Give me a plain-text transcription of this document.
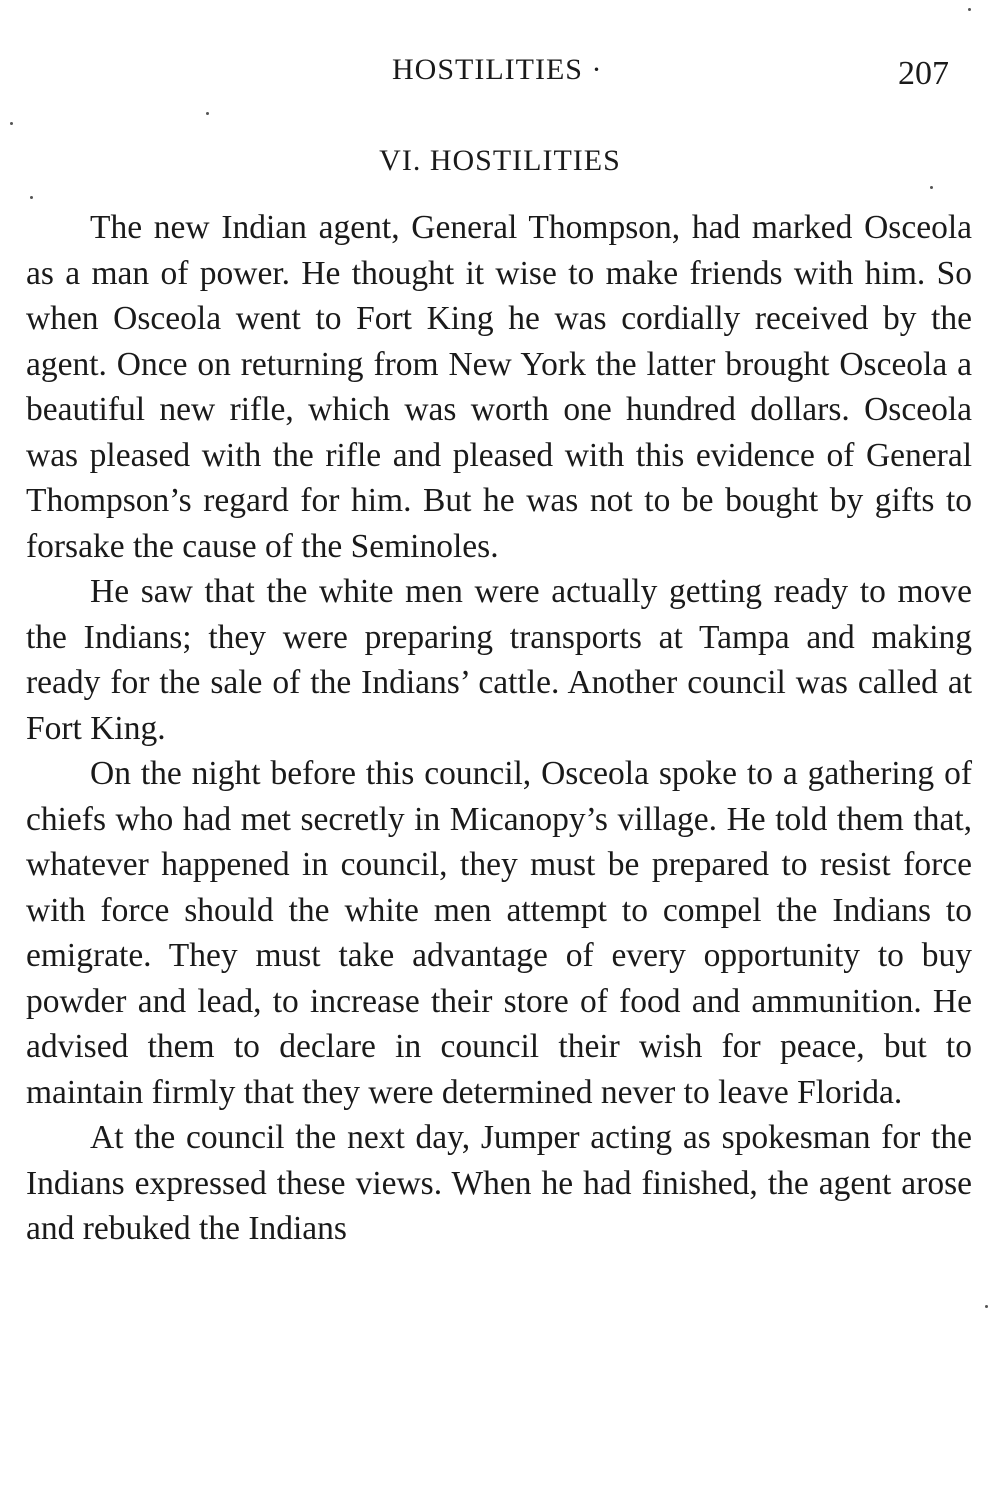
HOSTILITIES ·	207
VI. HOSTILITIES

The new Indian agent, General Thompson, had marked Osceola as a man of power. He thought it wise to make friends with him. So when Osceola went to Fort King he was cordially received by the agent. Once on returning from New York the latter brought Osceola a beautiful new rifle, which was worth one hundred dollars. Osceola was pleased with the rifle and pleased with this evidence of General Thompson’s regard for him. But he was not to be bought by gifts to forsake the cause of the Seminoles.

He saw that the white men were actually getting ready to move the Indians; they were preparing transports at Tampa and making ready for the sale of the Indians’ cattle. Another council was called at Fort King.

On the night before this council, Osceola spoke to a gathering of chiefs who had met secretly in Micanopy’s village. He told them that, whatever happened in council, they must be prepared to resist force with force should the white men attempt to compel the Indians to emigrate. They must take advantage of every opportunity to buy powder and lead, to increase their store of food and ammunition. He advised them to declare in council their wish for peace, but to maintain firmly that they were determined never to leave Florida.

At the council the next day, Jumper acting as spokesman for the Indians expressed these views. When he had finished, the agent arose and rebuked the Indians
